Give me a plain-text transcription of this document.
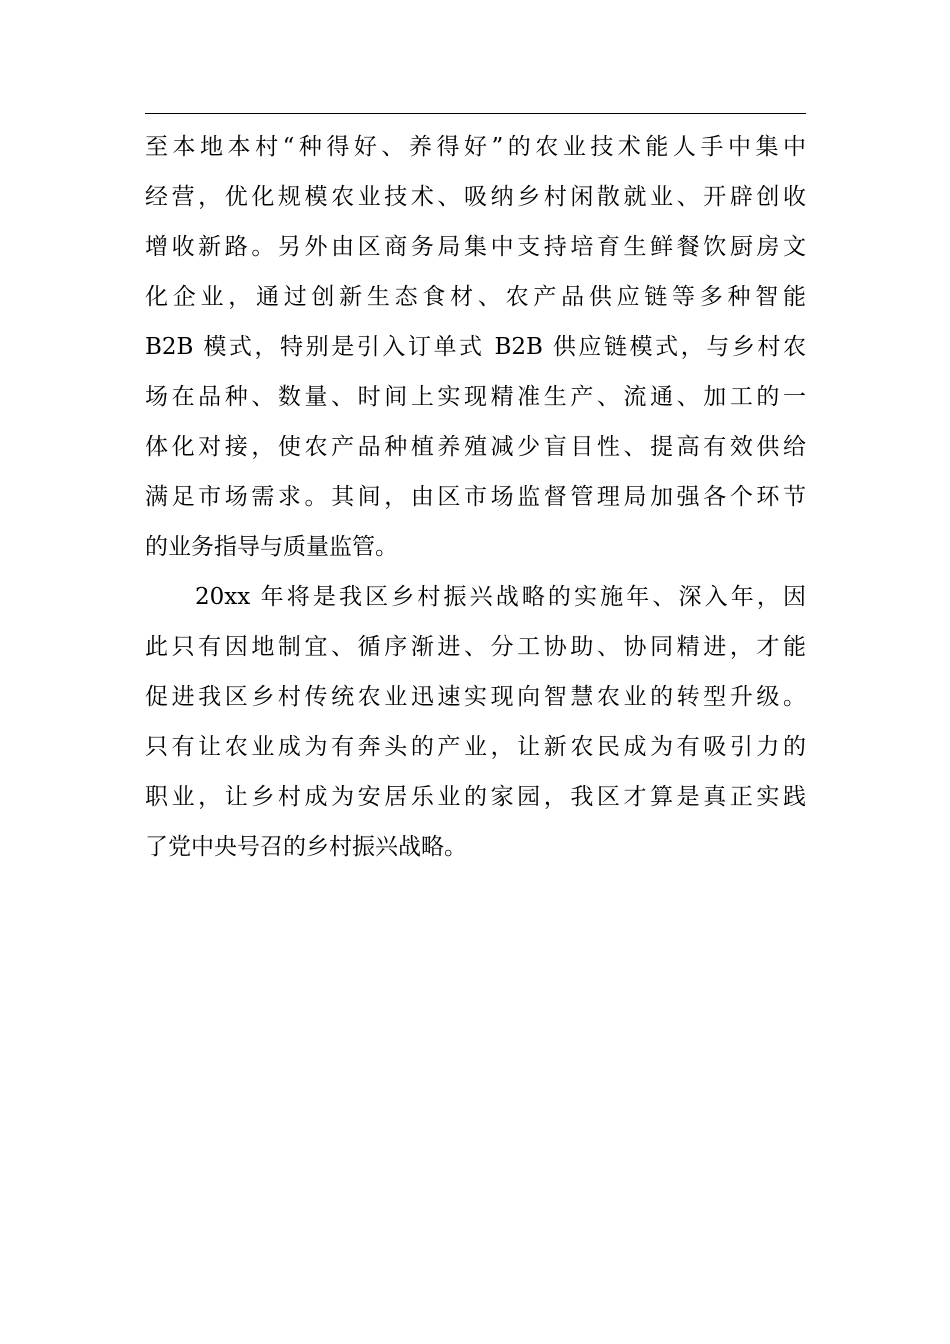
至本地本村“种得好、养得好”的农业技术能人手中集中
经营，优化规模农业技术、吸纳乡村闲散就业、开辟创收
增收新路。另外由区商务局集中支持培育生鲜餐饮厨房文
化企业，通过创新生态食材、农产品供应链等多种智能
B2B 模式，特别是引入订单式 B2B 供应链模式，与乡村农
场在品种、数量、时间上实现精准生产、流通、加工的一
体化对接，使农产品种植养殖减少盲目性、提高有效供给
满足市场需求。其间，由区市场监督管理局加强各个环节
的业务指导与质量监管。
20xx 年将是我区乡村振兴战略的实施年、深入年，因
此只有因地制宜、循序渐进、分工协助、协同精进，才能
促进我区乡村传统农业迅速实现向智慧农业的转型升级。
只有让农业成为有奔头的产业，让新农民成为有吸引力的
职业，让乡村成为安居乐业的家园，我区才算是真正实践
了党中央号召的乡村振兴战略。
